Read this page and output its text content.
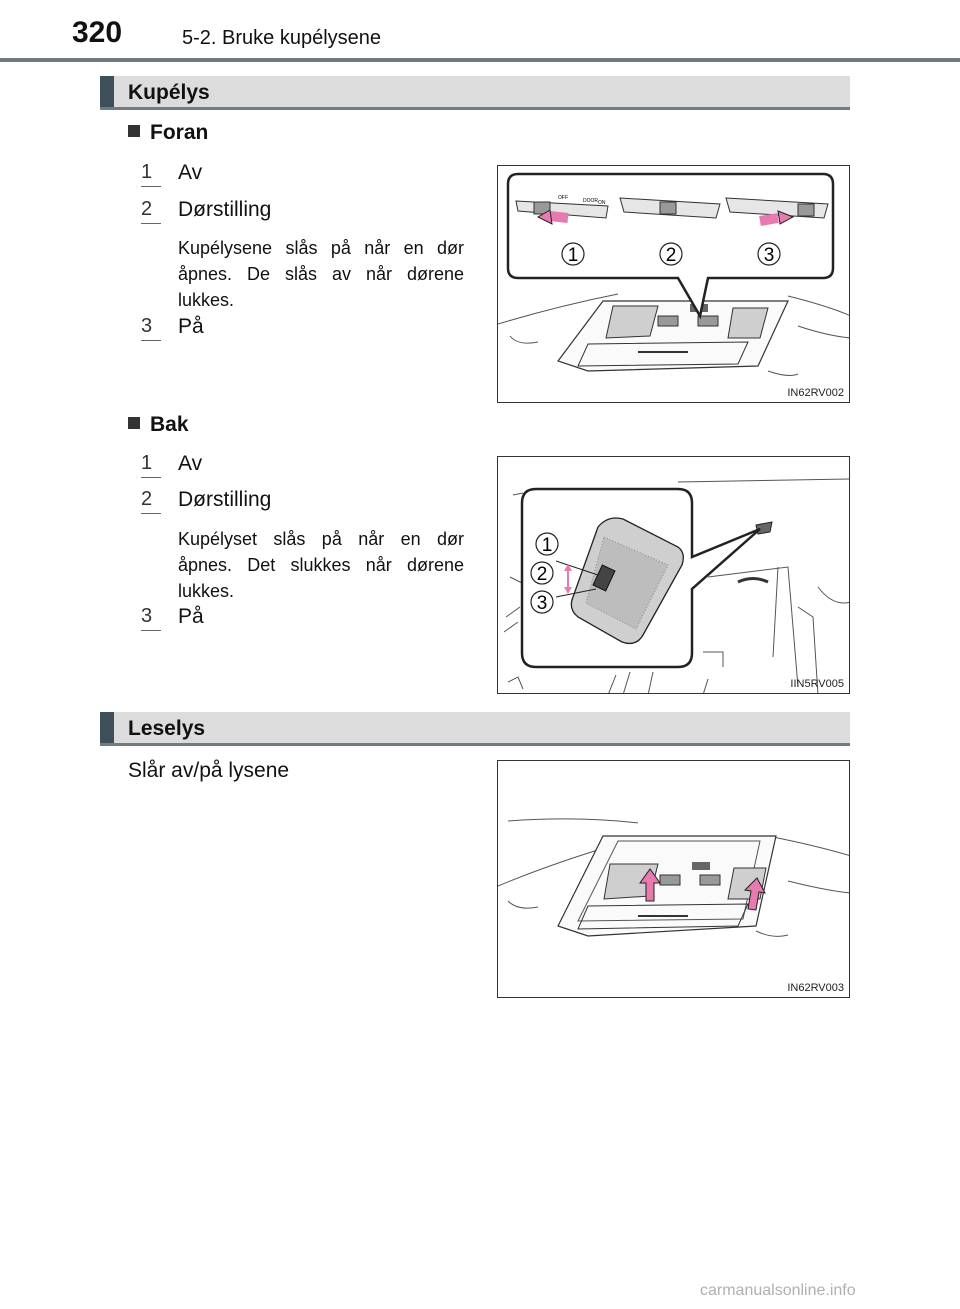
320	5-2. Bruke kupélysene
Kupélys
Foran
1	Av
2	Dørstilling
Kupélysene slås på når en dør åpnes. De slås av når dørene lukkes.
3	På
OFF	DOOR ON
1	2	3
IN62RV002
Bak
1	Av
2	Dørstilling
Kupélyset slås på når en dør åpnes. Det slukkes når dørene lukkes.
3	På
1
2
3
IIN5RV005
Leselys
Slår av/på lysene
IN62RV003
carmanualsonline.info
